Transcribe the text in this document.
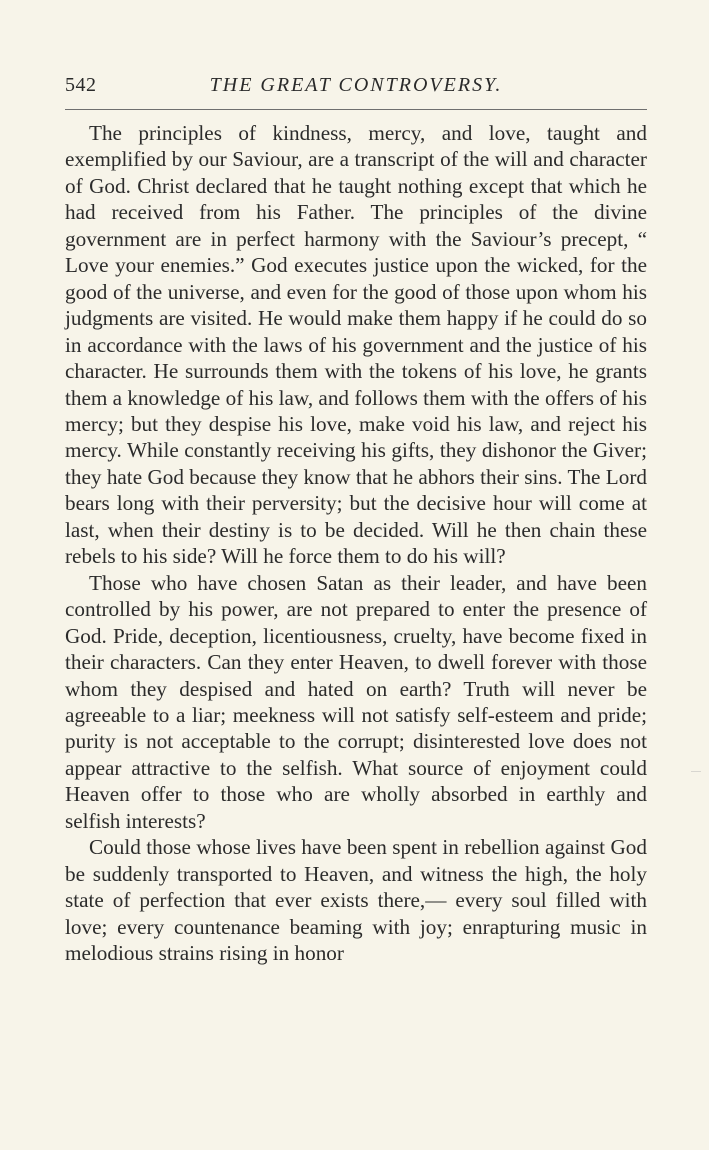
542	THE GREAT CONTROVERSY.

The principles of kindness, mercy, and love, taught and exemplified by our Saviour, are a transcript of the will and character of God. Christ declared that he taught nothing except that which he had received from his Father. The principles of the divine government are in perfect harmony with the Saviour’s precept, “ Love your enemies.” God executes justice upon the wicked, for the good of the universe, and even for the good of those upon whom his judgments are visited. He would make them happy if he could do so in accordance with the laws of his government and the justice of his character. He surrounds them with the tokens of his love, he grants them a knowledge of his law, and follows them with the offers of his mercy; but they despise his love, make void his law, and reject his mercy. While constantly receiving his gifts, they dishonor the Giver; they hate God because they know that he abhors their sins. The Lord bears long with their perversity; but the decisive hour will come at last, when their destiny is to be decided. Will he then chain these rebels to his side? Will he force them to do his will?

Those who have chosen Satan as their leader, and have been controlled by his power, are not prepared to enter the presence of God. Pride, deception, licentiousness, cruelty, have become fixed in their characters. Can they enter Heaven, to dwell forever with those whom they despised and hated on earth? Truth will never be agreeable to a liar; meekness will not satisfy self-esteem and pride; purity is not acceptable to the corrupt; disinterested love does not appear attractive to the selfish. What source of enjoyment could Heaven offer to those who are wholly absorbed in earthly and selfish interests?

Could those whose lives have been spent in rebellion against God be suddenly transported to Heaven, and witness the high, the holy state of perfection that ever exists there,— every soul filled with love; every countenance beaming with joy; enrapturing music in melodious strains rising in honor
